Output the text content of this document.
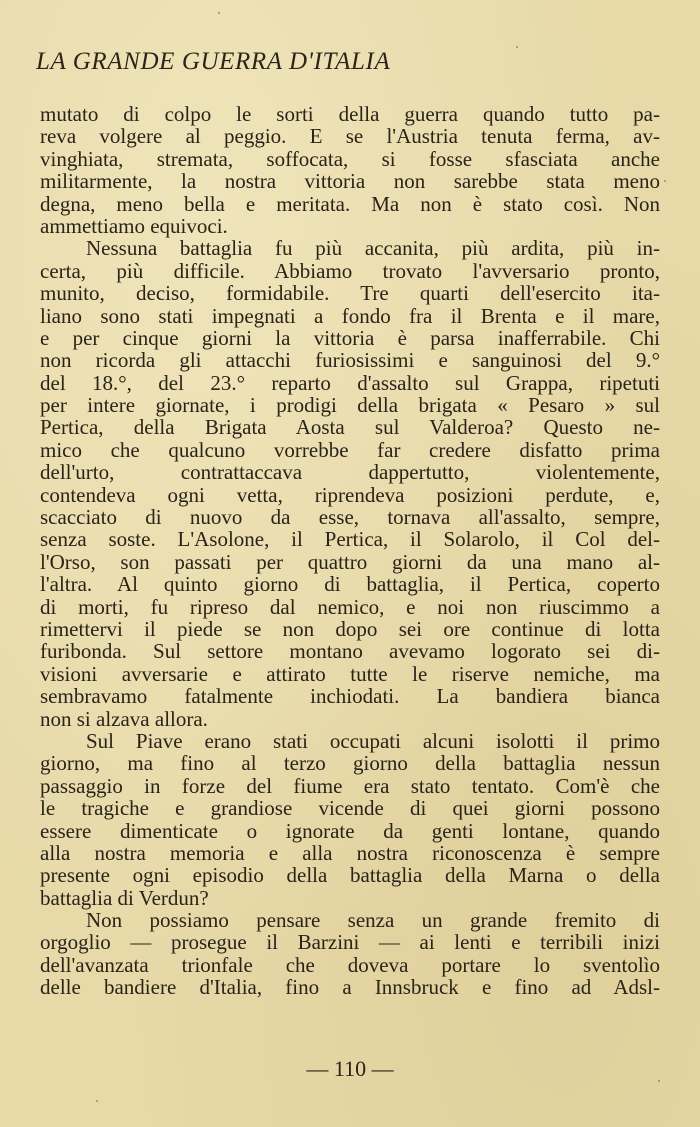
LA GRANDE GUERRA D'ITALIA
mutato di colpo le sorti della guerra quando tutto pa-
reva volgere al peggio. E se l'Austria tenuta ferma, av-
vinghiata, stremata, soffocata, si fosse sfasciata anche
militarmente, la nostra vittoria non sarebbe stata meno
degna, meno bella e meritata. Ma non è stato così. Non
ammettiamo equivoci.
Nessuna battaglia fu più accanita, più ardita, più in-
certa, più difficile. Abbiamo trovato l'avversario pronto,
munito, deciso, formidabile. Tre quarti dell'esercito ita-
liano sono stati impegnati a fondo fra il Brenta e il mare,
e per cinque giorni la vittoria è parsa inafferrabile. Chi
non ricorda gli attacchi furiosissimi e sanguinosi del 9.°
del 18.°, del 23.° reparto d'assalto sul Grappa, ripetuti
per intere giornate, i prodigi della brigata « Pesaro » sul
Pertica, della Brigata Aosta sul Valderoa? Questo ne-
mico che qualcuno vorrebbe far credere disfatto prima
dell'urto, contrattaccava dappertutto, violentemente,
contendeva ogni vetta, riprendeva posizioni perdute, e,
scacciato di nuovo da esse, tornava all'assalto, sempre,
senza soste. L'Asolone, il Pertica, il Solarolo, il Col del-
l'Orso, son passati per quattro giorni da una mano al-
l'altra. Al quinto giorno di battaglia, il Pertica, coperto
di morti, fu ripreso dal nemico, e noi non riuscimmo a
rimettervi il piede se non dopo sei ore continue di lotta
furibonda. Sul settore montano avevamo logorato sei di-
visioni avversarie e attirato tutte le riserve nemiche, ma
sembravamo fatalmente inchiodati. La bandiera bianca
non si alzava allora.
Sul Piave erano stati occupati alcuni isolotti il primo
giorno, ma fino al terzo giorno della battaglia nessun
passaggio in forze del fiume era stato tentato. Com'è che
le tragiche e grandiose vicende di quei giorni possono
essere dimenticate o ignorate da genti lontane, quando
alla nostra memoria e alla nostra riconoscenza è sempre
presente ogni episodio della battaglia della Marna o della
battaglia di Verdun?
Non possiamo pensare senza un grande fremito di
orgoglio — prosegue il Barzini — ai lenti e terribili inizi
dell'avanzata trionfale che doveva portare lo sventolìo
delle bandiere d'Italia, fino a Innsbruck e fino ad Adsl-
— 110 —
